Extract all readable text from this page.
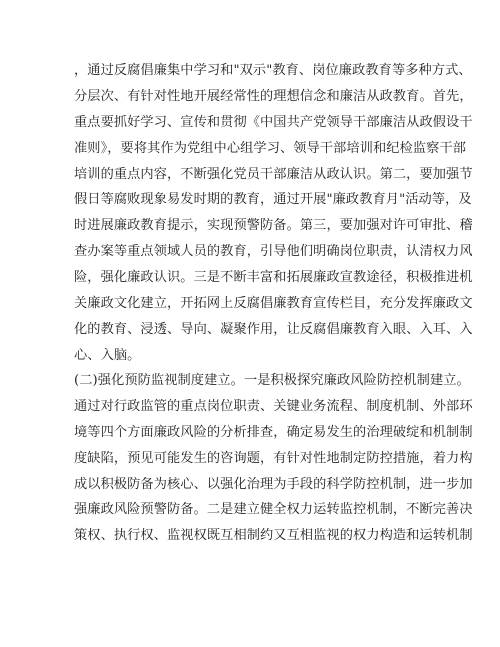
，通过反腐倡廉集中学习和"双示"教育、岗位廉政教育等多种方式、
分层次、有针对性地开展经常性的理想信念和廉洁从政教育。首先，
重点要抓好学习、宣传和贯彻《中国共产党领导干部廉洁从政假设干
准则》，要将其作为党组中心组学习、领导干部培训和纪检监察干部
培训的重点内容，不断强化党员干部廉洁从政认识。第二，要加强节
假日等腐败现象易发时期的教育，通过开展"廉政教育月"活动等，及
时进展廉政教育提示，实现预警防备。第三，要加强对许可审批、稽
查办案等重点领域人员的教育，引导他们明确岗位职责，认清权力风
险，强化廉政认识。三是不断丰富和拓展廉政宣教途径，积极推进机
关廉政文化建立，开拓网上反腐倡廉教育宣传栏目，充分发挥廉政文
化的教育、浸透、导向、凝聚作用，让反腐倡廉教育入眼、入耳、入
心、入脑。
(二)强化预防监视制度建立。一是积极探究廉政风险防控机制建立。
通过对行政监管的重点岗位职责、关键业务流程、制度机制、外部环
境等四个方面廉政风险的分析排查，确定易发生的治理破绽和机制制
度缺陷，预见可能发生的咨询题，有针对性地制定防控措施，着力构
成以积极防备为核心、以强化治理为手段的科学防控机制，进一步加
强廉政风险预警防备。二是建立健全权力运转监控机制，不断完善决
策权、执行权、监视权既互相制约又互相监视的权力构造和运转机制
